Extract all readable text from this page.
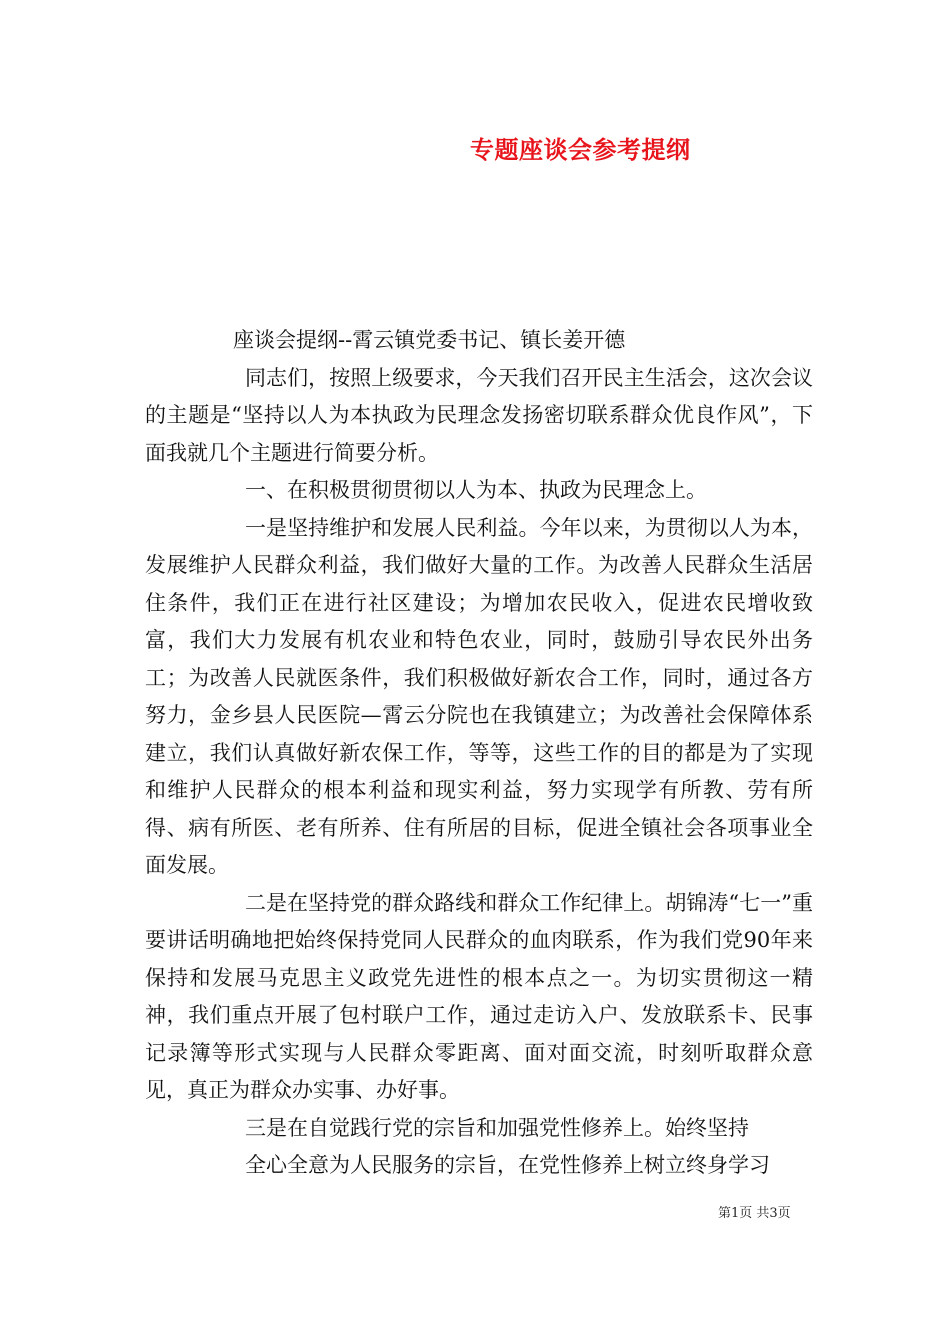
专题座谈会参考提纲

座谈会提纲--霄云镇党委书记、镇长姜开德

同志们，按照上级要求，今天我们召开民主生活会，这次会议的主题是“坚持以人为本执政为民理念发扬密切联系群众优良作风”，下面我就几个主题进行简要分析。

一、在积极贯彻贯彻以人为本、执政为民理念上。

一是坚持维护和发展人民利益。今年以来，为贯彻以人为本，发展维护人民群众利益，我们做好大量的工作。为改善人民群众生活居住条件，我们正在进行社区建设；为增加农民收入，促进农民增收致富，我们大力发展有机农业和特色农业，同时，鼓励引导农民外出务工；为改善人民就医条件，我们积极做好新农合工作，同时，通过各方努力，金乡县人民医院—霄云分院也在我镇建立；为改善社会保障体系建立，我们认真做好新农保工作，等等，这些工作的目的都是为了实现和维护人民群众的根本利益和现实利益，努力实现学有所教、劳有所得、病有所医、老有所养、住有所居的目标，促进全镇社会各项事业全面发展。

二是在坚持党的群众路线和群众工作纪律上。胡锦涛“七一”重要讲话明确地把始终保持党同人民群众的血肉联系，作为我们党90年来保持和发展马克思主义政党先进性的根本点之一。为切实贯彻这一精神，我们重点开展了包村联户工作，通过走访入户、发放联系卡、民事记录簿等形式实现与人民群众零距离、面对面交流，时刻听取群众意见，真正为群众办实事、办好事。

三是在自觉践行党的宗旨和加强党性修养上。始终坚持

全心全意为人民服务的宗旨，在党性修养上树立终身学习

第1页 共3页
